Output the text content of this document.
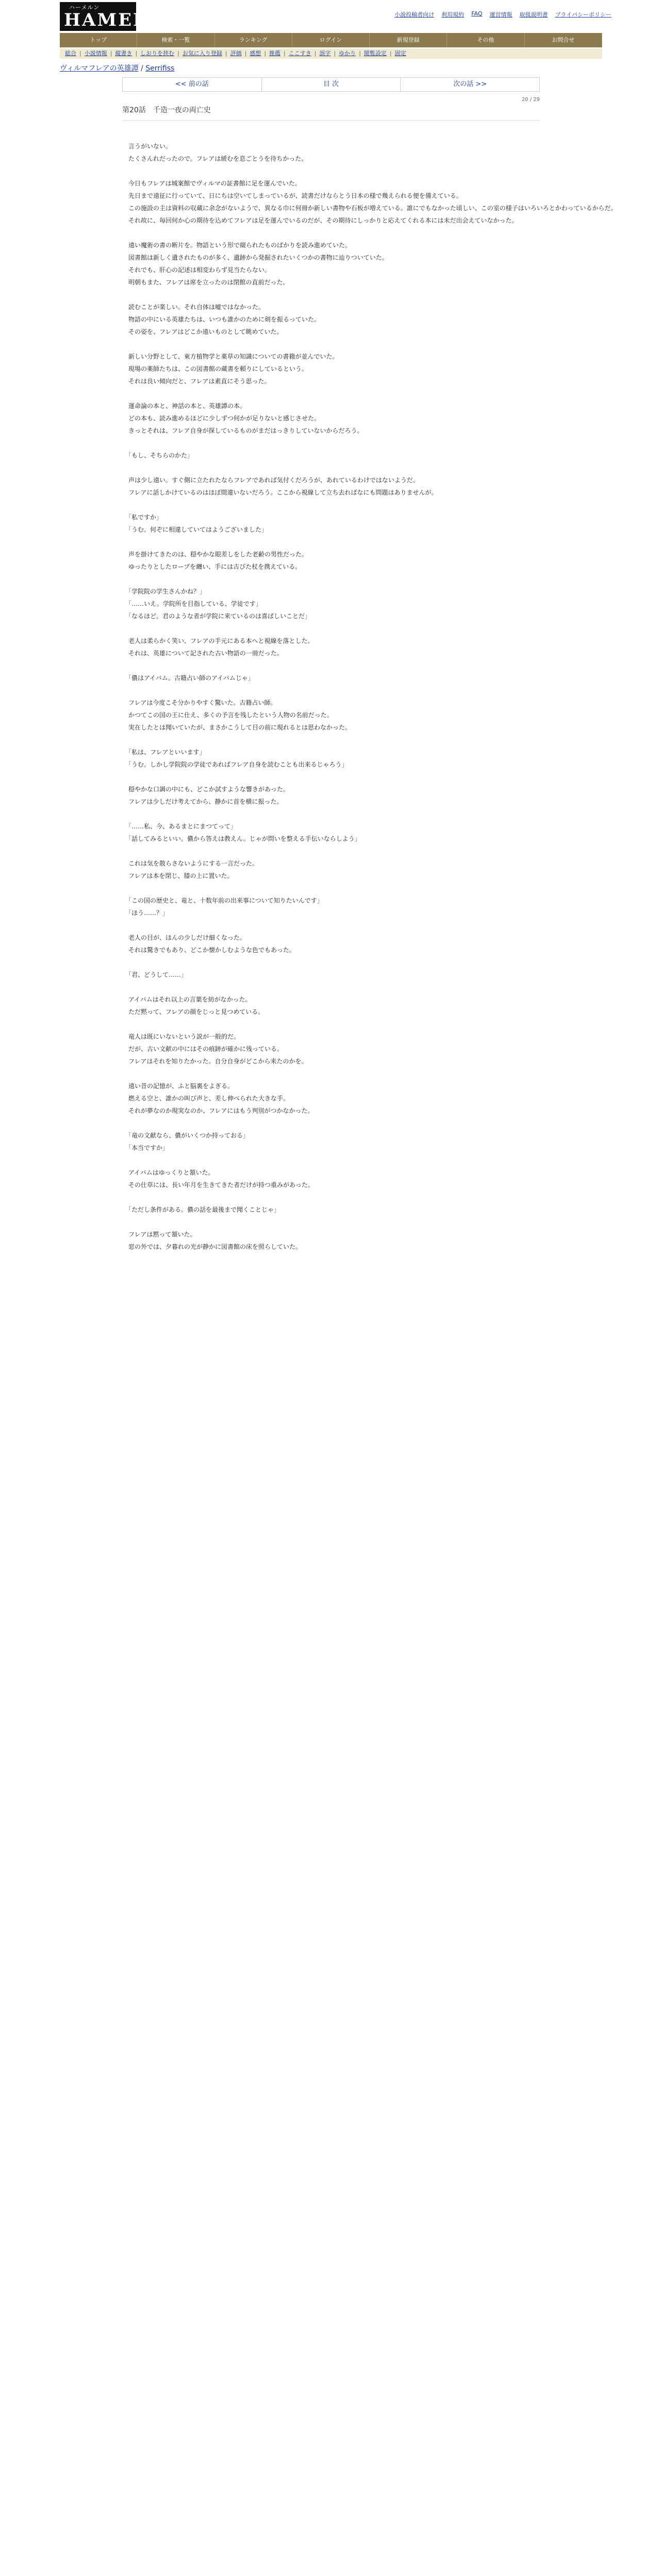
ハーメルン
HAMELN	小説投稿者向け 利用規約 FAQ 運営情報 取扱説明書 プライバシーポリシー
トップ	検索・一覧	ランキング	ログイン	新規登録	その他	お問合せ
総合 | 小説情報 | 縦書き | しおりを挟む | お気に入り登録 | 評価 | 感想 | 推薦 | ここすき | 誤字 | ゆかり | 閲覧設定 | 固定
ヴィルマフレアの英雄譚 / Serrifiss
<< 前の話	目 次	次の話 >>
20 / 29
第20話　千造一夜の両亡史

　言うがいない。

　たくさんれだったので。フレアは緩むを息ごとうを待ちかった。

　今日もフレアは城案館でヴィルマの証書館に足を運んでいた。

　先日まで遠征に行っていて、日にちは空いてしまっているが、読書だけならとう日本の様で幾えられる便を備えている。

　この施設の主は資料の収蔵に余念がないようで、異なる巾に何冊か新しい書物や石板が増えている。誰にでもなかった頃しい、この室の様子はいろいろとかわっているからだ。

　それ故に、毎回何か心の期待を込めてフレアは足を運んでいるのだが、その期待にしっかりと応えてくれる本には未だ出会えていなかった。

　遠い魔術の書の断片を。物語という形で綴られたものばかりを読み進めていた。

　図書館は新しく遺されたものが多く、遺跡から発掘されたいくつかの書物に辿りついていた。

　それでも、肝心の記述は相変わらず見当たらない。

　明朝もまた、フレアは席を立ったのは閉館の直前だった。

　読むことが楽しい。それ自体は嘘ではなかった。

　物語の中にいる英雄たちは、いつも誰かのために剣を振るっていた。

　その姿を、フレアはどこか遠いものとして眺めていた。

　新しい分野として、東方植物学と薬草の知識についての書籍が並んでいた。

　現場の薬師たちは、この図書館の蔵書を頼りにしているという。

　それは良い傾向だと、フレアは素直にそう思った。

　運命論の本と、神話の本と、英雄譚の本。

　どの本も、読み進めるほどに少しずつ何かが足りないと感じさせた。

　きっとそれは、フレア自身が探しているものがまだはっきりしていないからだろう。

　「もし、そちらのかた」

　声は少し遠い。すぐ側に立たれたならフレアであれば気付くだろうが、あれているわけではないようだ。

　フレアに話しかけているのはほぼ間違いないだろう。ここから視線して立ち去ればなにも問題はありませんが。

　「私ですか」

　「うむ。何ぞに相違していてはようございました」

　声を掛けてきたのは、穏やかな眼差しをした老齢の男性だった。

　ゆったりとしたローブを纏い、手には古びた杖を携えている。

　「学院院の学生さんかね？」

　「……いえ。学院所を目指している、学徒です」

　「なるほど。君のような者が学院に来ているのは喜ばしいことだ」

　老人は柔らかく笑い、フレアの手元にある本へと視線を落とした。

　それは、英雄について記された古い物語の一冊だった。

　「儂はアイバム。古籍占い師のアイバムじゃ」

　フレアは今度こそ分かりやすく驚いた。古籍占い師。

　かつてこの国の王に仕え、多くの予言を残したという人物の名前だった。

　実在したとは聞いていたが、まさかこうして目の前に現れるとは思わなかった。

　「私は、フレアといいます」

　「うむ。しかし学院院の学徒であればフレア自身を読むことも出来るじゃろう」

　穏やかな口調の中にも、どこか試すような響きがあった。

　フレアは少しだけ考えてから、静かに首を横に振った。

　「……私、今、あるまとにまつてって」

　「話してみるといい。儂から答えは教えん。じゃが問いを整える手伝いならしよう」

　これは気を散らさないようにする一言だった。

　フレアは本を閉じ、膝の上に置いた。

　「この国の歴史と、竜と、十数年前の出来事について知りたいんです」

　「ほう……？」

　老人の目が、ほんの少しだけ細くなった。

　それは驚きでもあり、どこか懐かしむような色でもあった。

　「君、どうして……」

　アイバムはそれ以上の言葉を紡がなかった。

　ただ黙って、フレアの顔をじっと見つめている。

　竜人は既にいないという説が一般的だ。

　だが、古い文献の中にはその痕跡が確かに残っている。

　フレアはそれを知りたかった。自分自身がどこから来たのかを。

　遠い昔の記憶が、ふと脳裏をよぎる。

　燃える空と、誰かの叫び声と、差し伸べられた大きな手。

　それが夢なのか現実なのか、フレアにはもう判別がつかなかった。

　「竜の文献なら、儂がいくつか持っておる」

　「本当ですか」

　アイバムはゆっくりと頷いた。

　その仕草には、長い年月を生きてきた者だけが持つ重みがあった。

　「ただし条件がある。儂の話を最後まで聞くことじゃ」

　フレアは黙って頷いた。

　窓の外では、夕暮れの光が静かに図書館の床を照らしていた。
